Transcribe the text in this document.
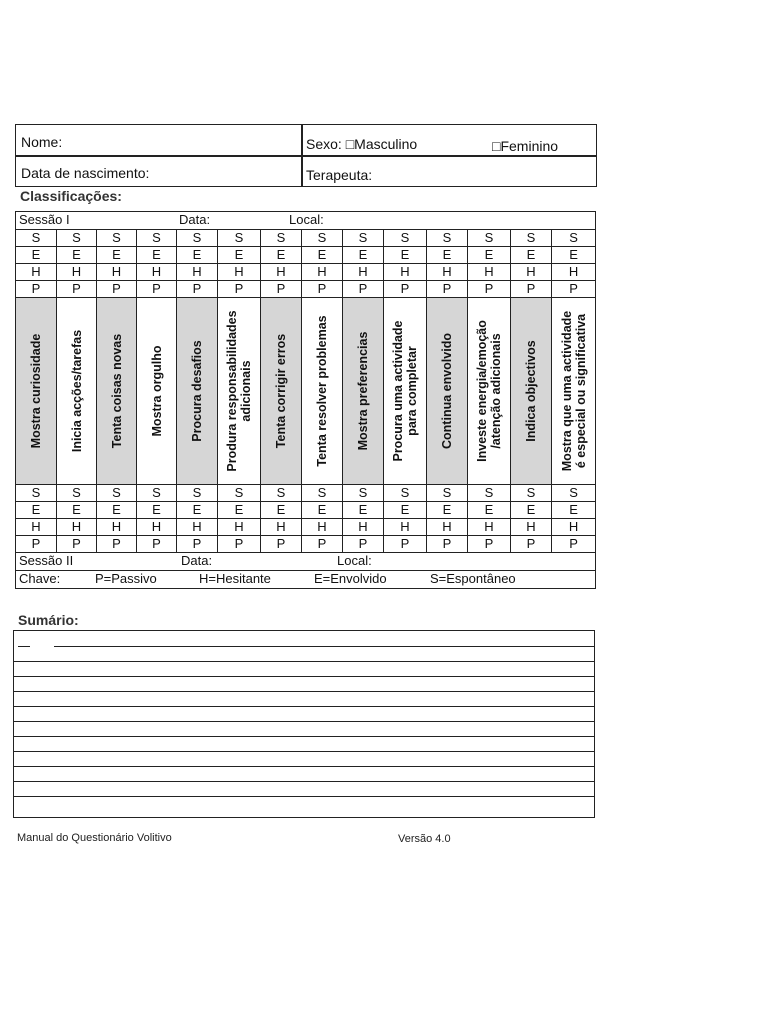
Nome:	Sexo: □Masculino	□Feminino
Data de nascimento:	Terapeuta:
Classificações:
Sessão I Data: Local:													

S	S	S	S	S	S	S	S	S	S	S	S	S	S
E	E	E	E	E	E	E	E	E	E	E	E	E	E
H	H	H	H	H	H	H	H	H	H	H	H	H	H
P	P	P	P	P	P	P	P	P	P	P	P	P	P

Mostra curiosidade	Inicia acções/tarefas	Tenta coisas novas	Mostra orgulho	Procura desafios	Produra responsabilidades
adicionais	Tenta corrigir erros	Tenta resolver problemas	Mostra preferencias	Procura uma actividade
para completar	Continua envolvido	Investe energia/emoção
/atenção adicionais	Indica objectivos	Mostra que uma actividade
é especial ou significativa

S	S	S	S	S	S	S	S	S	S	S	S	S	S
E	E	E	E	E	E	E	E	E	E	E	E	E	E
H	H	H	H	H	H	H	H	H	H	H	H	H	H
P	P	P	P	P	P	P	P	P	P	P	P	P	P

Sessão II Data: Local:													

Chave: P=Passivo H=Hesitante E=Envolvido S=Espontâneo													
Sumário:
Manual do Questionário Volitivo	Versão 4.0
